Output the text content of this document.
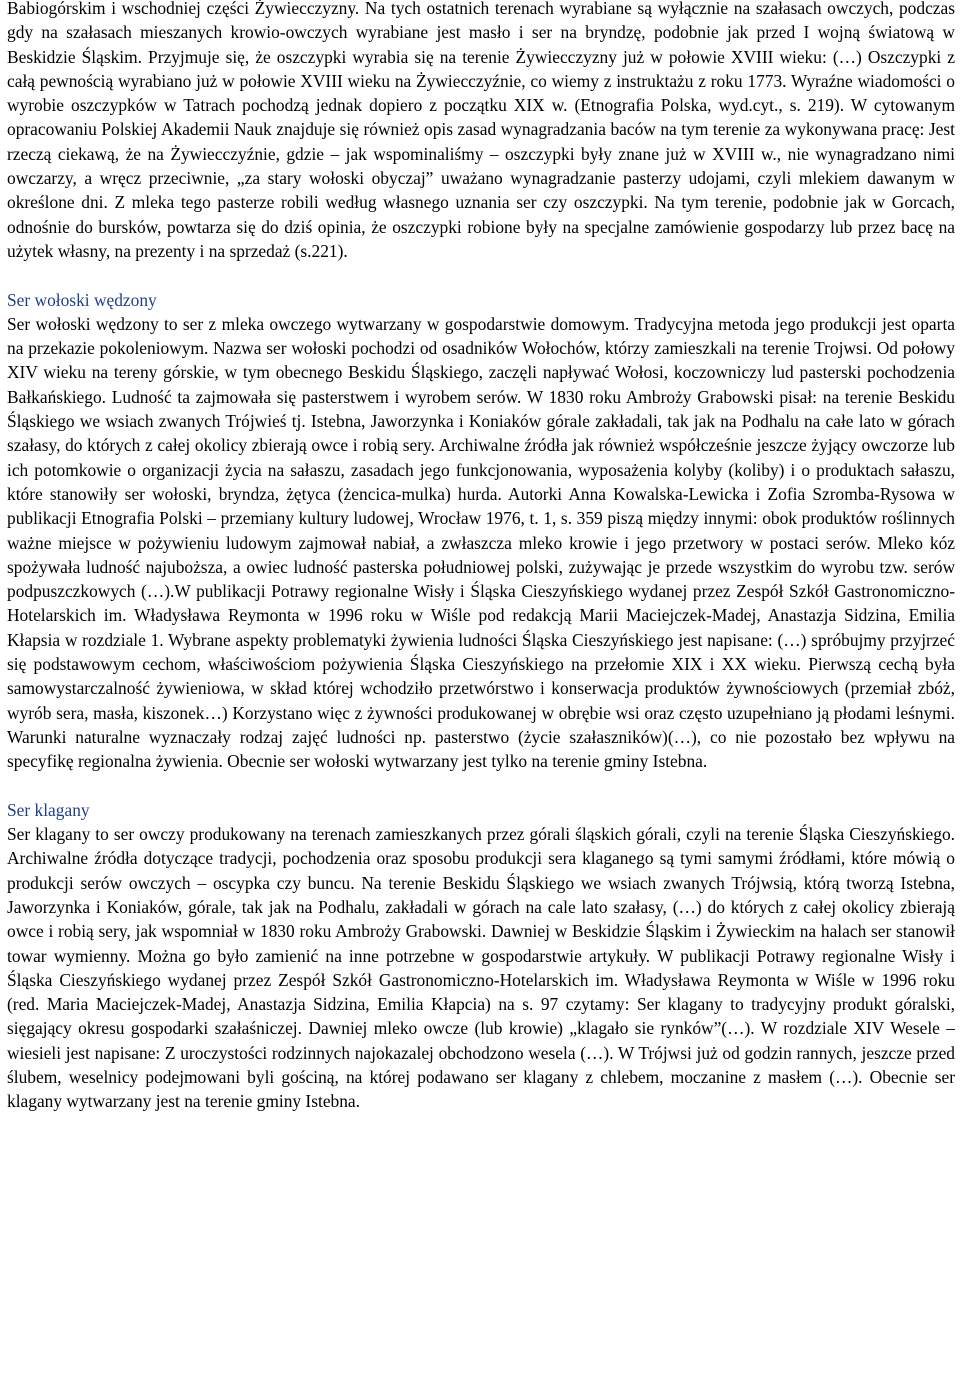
Babiogórskim i wschodniej części Żywiecczyzny. Na tych ostatnich terenach wyrabiane są wyłącznie na szałasach owczych, podczas gdy na szałasach mieszanych krowio-owczych wyrabiane jest masło i ser na bryndzę, podobnie jak przed I wojną światową w Beskidzie Śląskim. Przyjmuje się, że oszczypki wyrabia się na terenie Żywiecczyzny już w połowie XVIII wieku: (…) Oszczypki z całą pewnością wyrabiano już w połowie XVIII wieku na Żywiecczyźnie, co wiemy z instruktażu z roku 1773. Wyraźne wiadomości o wyrobie oszczypków w Tatrach pochodzą jednak dopiero z początku XIX w. (Etnografia Polska, wyd.cyt., s. 219). W cytowanym opracowaniu Polskiej Akademii Nauk znajduje się również opis zasad wynagradzania baców na tym terenie za wykonywana pracę: Jest rzeczą ciekawą, że na Żywiecczyźnie, gdzie – jak wspominaliśmy – oszczypki były znane już w XVIII w., nie wynagradzano nimi owczarzy, a wręcz przeciwnie, „za stary wołoski obyczaj” uważano wynagradzanie pasterzy udojami, czyli mlekiem dawanym w określone dni. Z mleka tego pasterze robili według własnego uznania ser czy oszczypki. Na tym terenie, podobnie jak w Gorcach, odnośnie do bursków, powtarza się do dziś opinia, że oszczypki robione były na specjalne zamówienie gospodarzy lub przez bacę na użytek własny, na prezenty i na sprzedaż (s.221).

Ser wołoski wędzony

Ser wołoski wędzony to ser z mleka owczego wytwarzany w gospodarstwie domowym. Tradycyjna metoda jego produkcji jest oparta na przekazie pokoleniowym. Nazwa ser wołoski pochodzi od osadników Wołochów, którzy zamieszkali na terenie Trojwsi. Od połowy XIV wieku na tereny górskie, w tym obecnego Beskidu Śląskiego, zaczęli napływać Wołosi, koczowniczy lud pasterski pochodzenia Bałkańskiego. Ludność ta zajmowała się pasterstwem i wyrobem serów. W 1830 roku Ambroży Grabowski pisał: na terenie Beskidu Śląskiego we wsiach zwanych Trójwieś tj. Istebna, Jaworzynka i Koniaków górale zakładali, tak jak na Podhalu na całe lato w górach szałasy, do których z całej okolicy zbierają owce i robią sery. Archiwalne źródła jak również współcześnie jeszcze żyjący owczorze lub ich potomkowie o organizacji życia na sałaszu, zasadach jego funkcjonowania, wyposażenia kolyby (koliby) i o produktach sałaszu, które stanowiły ser wołoski, bryndza, żętyca (żencica-mulka) hurda. Autorki Anna Kowalska-Lewicka i Zofia Szromba-Rysowa w publikacji Etnografia Polski – przemiany kultury ludowej, Wrocław 1976, t. 1, s. 359 piszą między innymi: obok produktów roślinnych ważne miejsce w pożywieniu ludowym zajmował nabiał, a zwłaszcza mleko krowie i jego przetwory w postaci serów. Mleko kóz spożywała ludność najuboższa, a owiec ludność pasterska południowej polski, zużywając je przede wszystkim do wyrobu tzw. serów podpuszczkowych (…).W publikacji Potrawy regionalne Wisły i Śląska Cieszyńskiego wydanej przez Zespół Szkół Gastronomiczno-Hotelarskich im. Władysława Reymonta w 1996 roku w Wiśle pod redakcją Marii Maciejczek-Madej, Anastazja Sidzina, Emilia Kłapsia w rozdziale 1. Wybrane aspekty problematyki żywienia ludności Śląska Cieszyńskiego jest napisane: (…) spróbujmy przyjrzeć się podstawowym cechom, właściwościom pożywienia Śląska Cieszyńskiego na przełomie XIX i XX wieku. Pierwszą cechą była samowystarczalność żywieniowa, w skład której wchodziło przetwórstwo i konserwacja produktów żywnościowych (przemiał zbóż, wyrób sera, masła, kiszonek…) Korzystano więc z żywności produkowanej w obrębie wsi oraz często uzupełniano ją płodami leśnymi. Warunki naturalne wyznaczały rodzaj zajęć ludności np. pasterstwo (życie szałaszników)(…), co nie pozostało bez wpływu na specyfikę regionalna żywienia. Obecnie ser wołoski wytwarzany jest tylko na terenie gminy Istebna.

Ser klagany

Ser klagany to ser owczy produkowany na terenach zamieszkanych przez górali śląskich górali, czyli na terenie Śląska Cieszyńskiego. Archiwalne źródła dotyczące tradycji, pochodzenia oraz sposobu produkcji sera klaganego są tymi samymi źródłami, które mówią o produkcji serów owczych – oscypka czy buncu. Na terenie Beskidu Śląskiego we wsiach zwanych Trójwsią, którą tworzą Istebna, Jaworzynka i Koniaków, górale, tak jak na Podhalu, zakładali w górach na cale lato szałasy, (…) do których z całej okolicy zbierają owce i robią sery, jak wspomniał w 1830 roku Ambroży Grabowski. Dawniej w Beskidzie Śląskim i Żywieckim na halach ser stanowił towar wymienny. Można go było zamienić na inne potrzebne w gospodarstwie artykuły. W publikacji Potrawy regionalne Wisły i Śląska Cieszyńskiego wydanej przez Zespół Szkół Gastronomiczno-Hotelarskich im. Władysława Reymonta w Wiśle w 1996 roku (red. Maria Maciejczek-Madej, Anastazja Sidzina, Emilia Kłapcia) na s. 97 czytamy: Ser klagany to tradycyjny produkt góralski, sięgający okresu gospodarki szałaśniczej. Dawniej mleko owcze (lub krowie) „klagało sie rynków”(…). W rozdziale XIV Wesele – wiesieli jest napisane: Z uroczystości rodzinnych najokazalej obchodzono wesela (…). W Trójwsi już od godzin rannych, jeszcze przed ślubem, weselnicy podejmowani byli gościną, na której podawano ser klagany z chlebem, moczanine z masłem (…). Obecnie ser klagany wytwarzany jest na terenie gminy Istebna.
